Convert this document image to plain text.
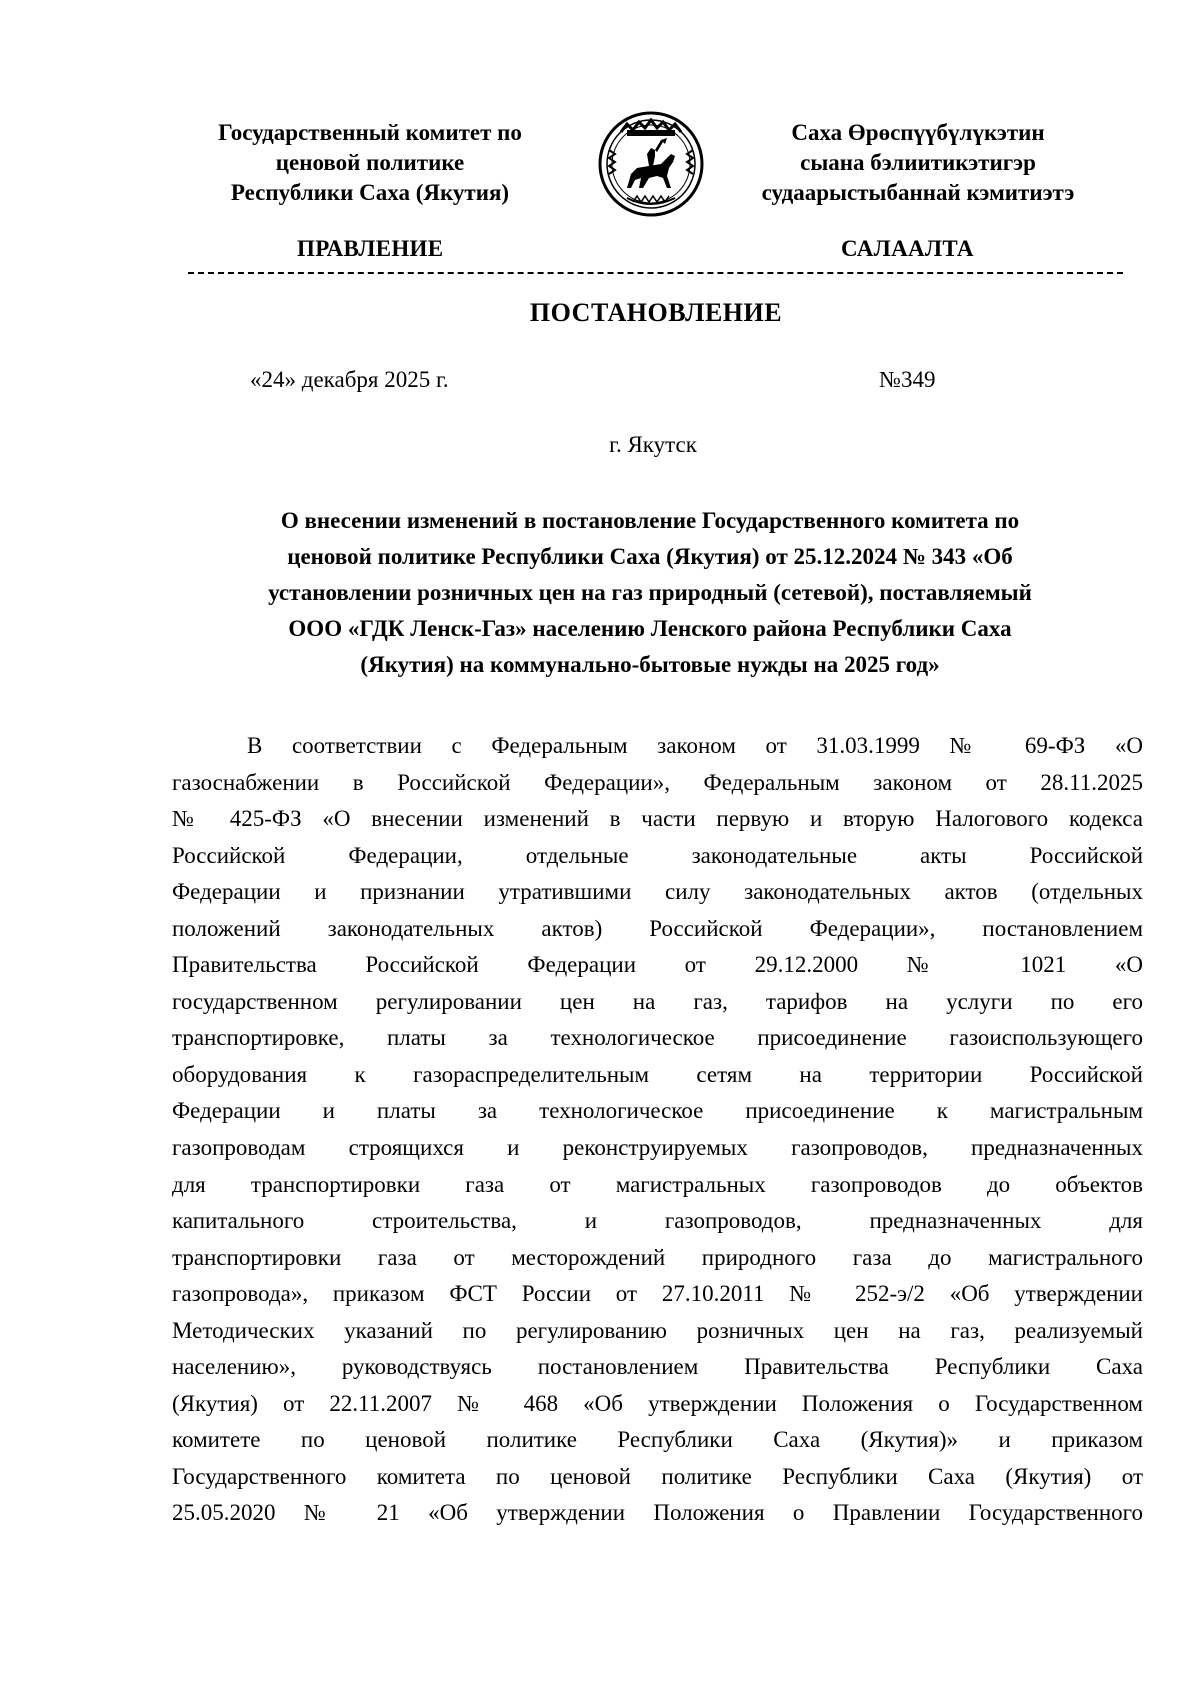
Государственный комитет по
ценовой политике
Республики Саха (Якутия)
Саха Өрөспүүбүлүкэтин
сыана бэлиитикэтигэр
судаарыстыбаннай кэмитиэтэ
ПРАВЛЕНИЕ	САЛААЛТА
ПОСТАНОВЛЕНИЕ
«24» декабря 2025 г.	№349
г. Якутск
О внесении изменений в постановление Государственного комитета по
ценовой политике Республики Саха (Якутия) от 25.12.2024 № 343 «Об
установлении розничных цен на газ природный (сетевой), поставляемый
ООО «ГДК Ленск-Газ» населению Ленского района Республики Саха
(Якутия) на коммунально-бытовые нужды на 2025 год»
В соответствии с Федеральным законом от 31.03.1999 № 69-ФЗ «О
газоснабжении в Российской Федерации», Федеральным законом от 28.11.2025
№ 425-ФЗ «О внесении изменений в части первую и вторую Налогового кодекса
Российской Федерации, отдельные законодательные акты Российской
Федерации и признании утратившими силу законодательных актов (отдельных
положений законодательных актов) Российской Федерации», постановлением
Правительства Российской Федерации от 29.12.2000 № 1021 «О
государственном регулировании цен на газ, тарифов на услуги по его
транспортировке, платы за технологическое присоединение газоиспользующего
оборудования к газораспределительным сетям на территории Российской
Федерации и платы за технологическое присоединение к магистральным
газопроводам строящихся и реконструируемых газопроводов, предназначенных
для транспортировки газа от магистральных газопроводов до объектов
капитального строительства, и газопроводов, предназначенных для
транспортировки газа от месторождений природного газа до магистрального
газопровода», приказом ФСТ России от 27.10.2011 № 252-э/2 «Об утверждении
Методических указаний по регулированию розничных цен на газ, реализуемый
населению», руководствуясь постановлением Правительства Республики Саха
(Якутия) от 22.11.2007 № 468 «Об утверждении Положения о Государственном
комитете по ценовой политике Республики Саха (Якутия)» и приказом
Государственного комитета по ценовой политике Республики Саха (Якутия) от
25.05.2020 № 21 «Об утверждении Положения о Правлении Государственного
